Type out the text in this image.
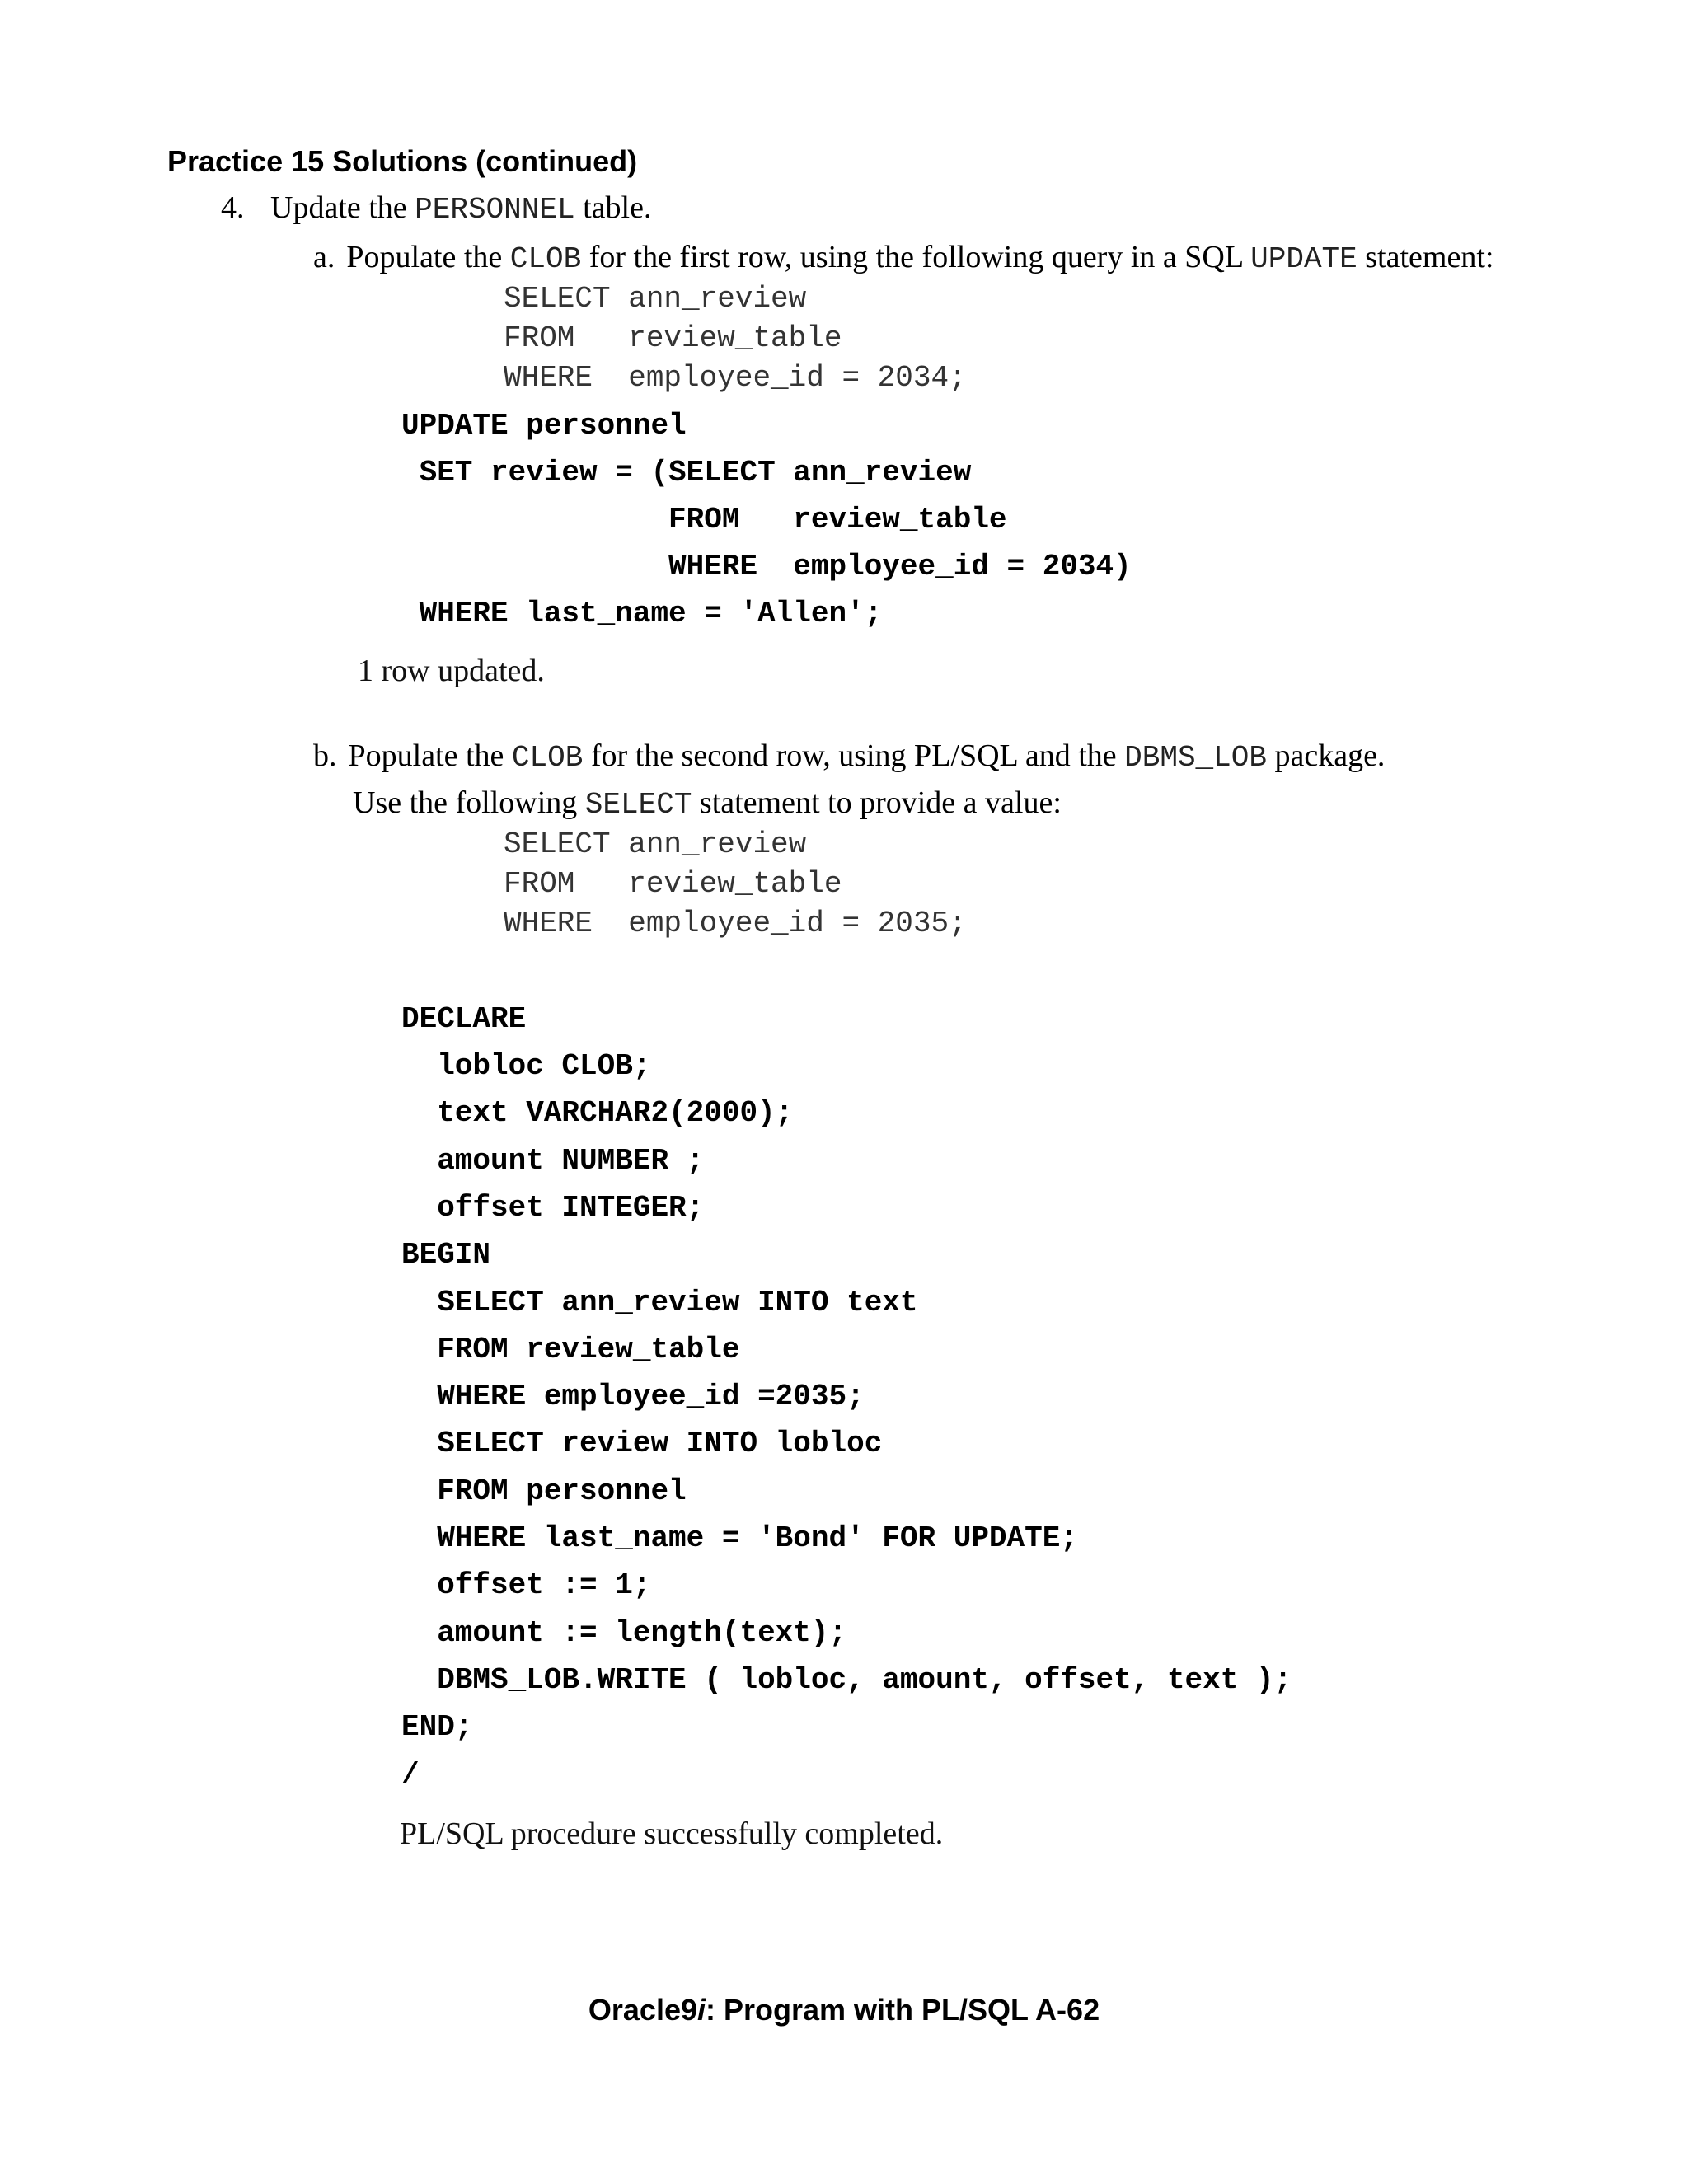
Practice 15 Solutions (continued)
4. Update the PERSONNEL table.
a. Populate the CLOB for the first row, using the following query in a SQL UPDATE statement:
SELECT ann_review
FROM   review_table
WHERE  employee_id = 2034;
UPDATE personnel
SET review = (SELECT ann_review
FROM   review_table
WHERE  employee_id = 2034)
WHERE last_name = 'Allen';
1 row updated.
b. Populate the CLOB for the second row, using PL/SQL and the DBMS_LOB package.
Use the following SELECT statement to provide a value:
SELECT ann_review
FROM   review_table
WHERE  employee_id = 2035;
DECLARE
lobloc CLOB;
text VARCHAR2(2000);
amount NUMBER ;
offset INTEGER;
BEGIN
SELECT ann_review INTO text
FROM review_table
WHERE employee_id =2035;
SELECT review INTO lobloc
FROM personnel
WHERE last_name = 'Bond' FOR UPDATE;
offset := 1;
amount := length(text);
DBMS_LOB.WRITE ( lobloc, amount, offset, text );
END;
/
PL/SQL procedure successfully completed.
Oracle9i: Program with PL/SQL A-62
